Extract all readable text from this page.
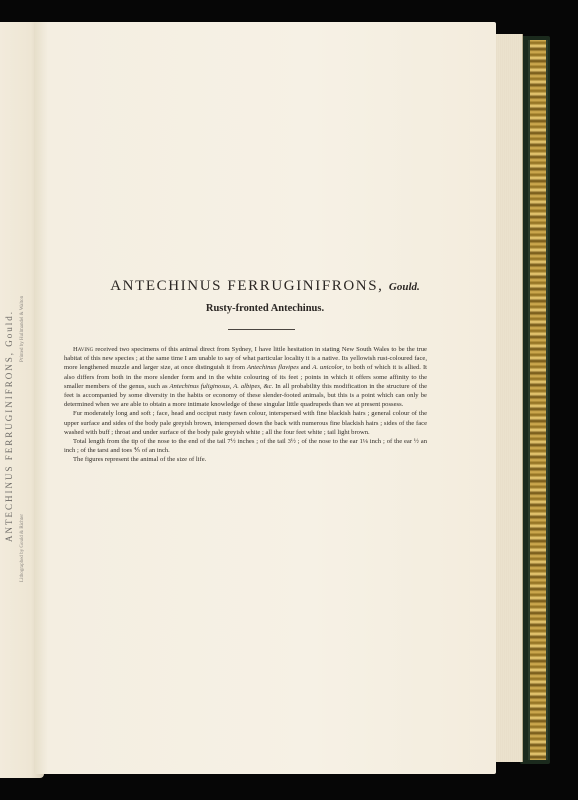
ANTECHINUS FERRUGINIFRONS, Gould.
Lithographed by Gould & Richter
Printed by Hullmandel & Walton
ANTECHINUS FERRUGINIFRONS, Gould.
Rusty-fronted Antechinus.

Having received two specimens of this animal direct from Sydney, I have little hesitation in stating New South Wales to be the true habitat of this new species ; at the same time I am unable to say of what particular locality it is a native. Its yellowish rust-coloured face, more lengthened muzzle and larger size, at once distinguish it from Antechinus flavipes and A. unicolor, to both of which it is allied. It also differs from both in the more slender form and in the white colouring of its feet ; points in which it offers some affinity to the smaller members of the genus, such as Antechinus fuliginosus, A. albipes, &c. In all probability this modification in the structure of the feet is accompanied by some diversity in the habits or economy of these slender-footed animals, but this is a point which can only be determined when we are able to obtain a more intimate knowledge of these singular little quadrupeds than we at present possess.

Fur moderately long and soft ; face, head and occiput rusty fawn colour, interspersed with fine blackish hairs ; general colour of the upper surface and sides of the body pale greyish brown, interspersed down the back with numerous fine blackish hairs ; sides of the face washed with buff ; throat and under surface of the body pale greyish white ; all the four feet white ; tail light brown.

Total length from the tip of the nose to the end of the tail 7½ inches ; of the tail 3½ ; of the nose to the ear 1⅛ inch ; of the ear ½ an inch ; of the tarsi and toes ⅘ of an inch.

The figures represent the animal of the size of life.
